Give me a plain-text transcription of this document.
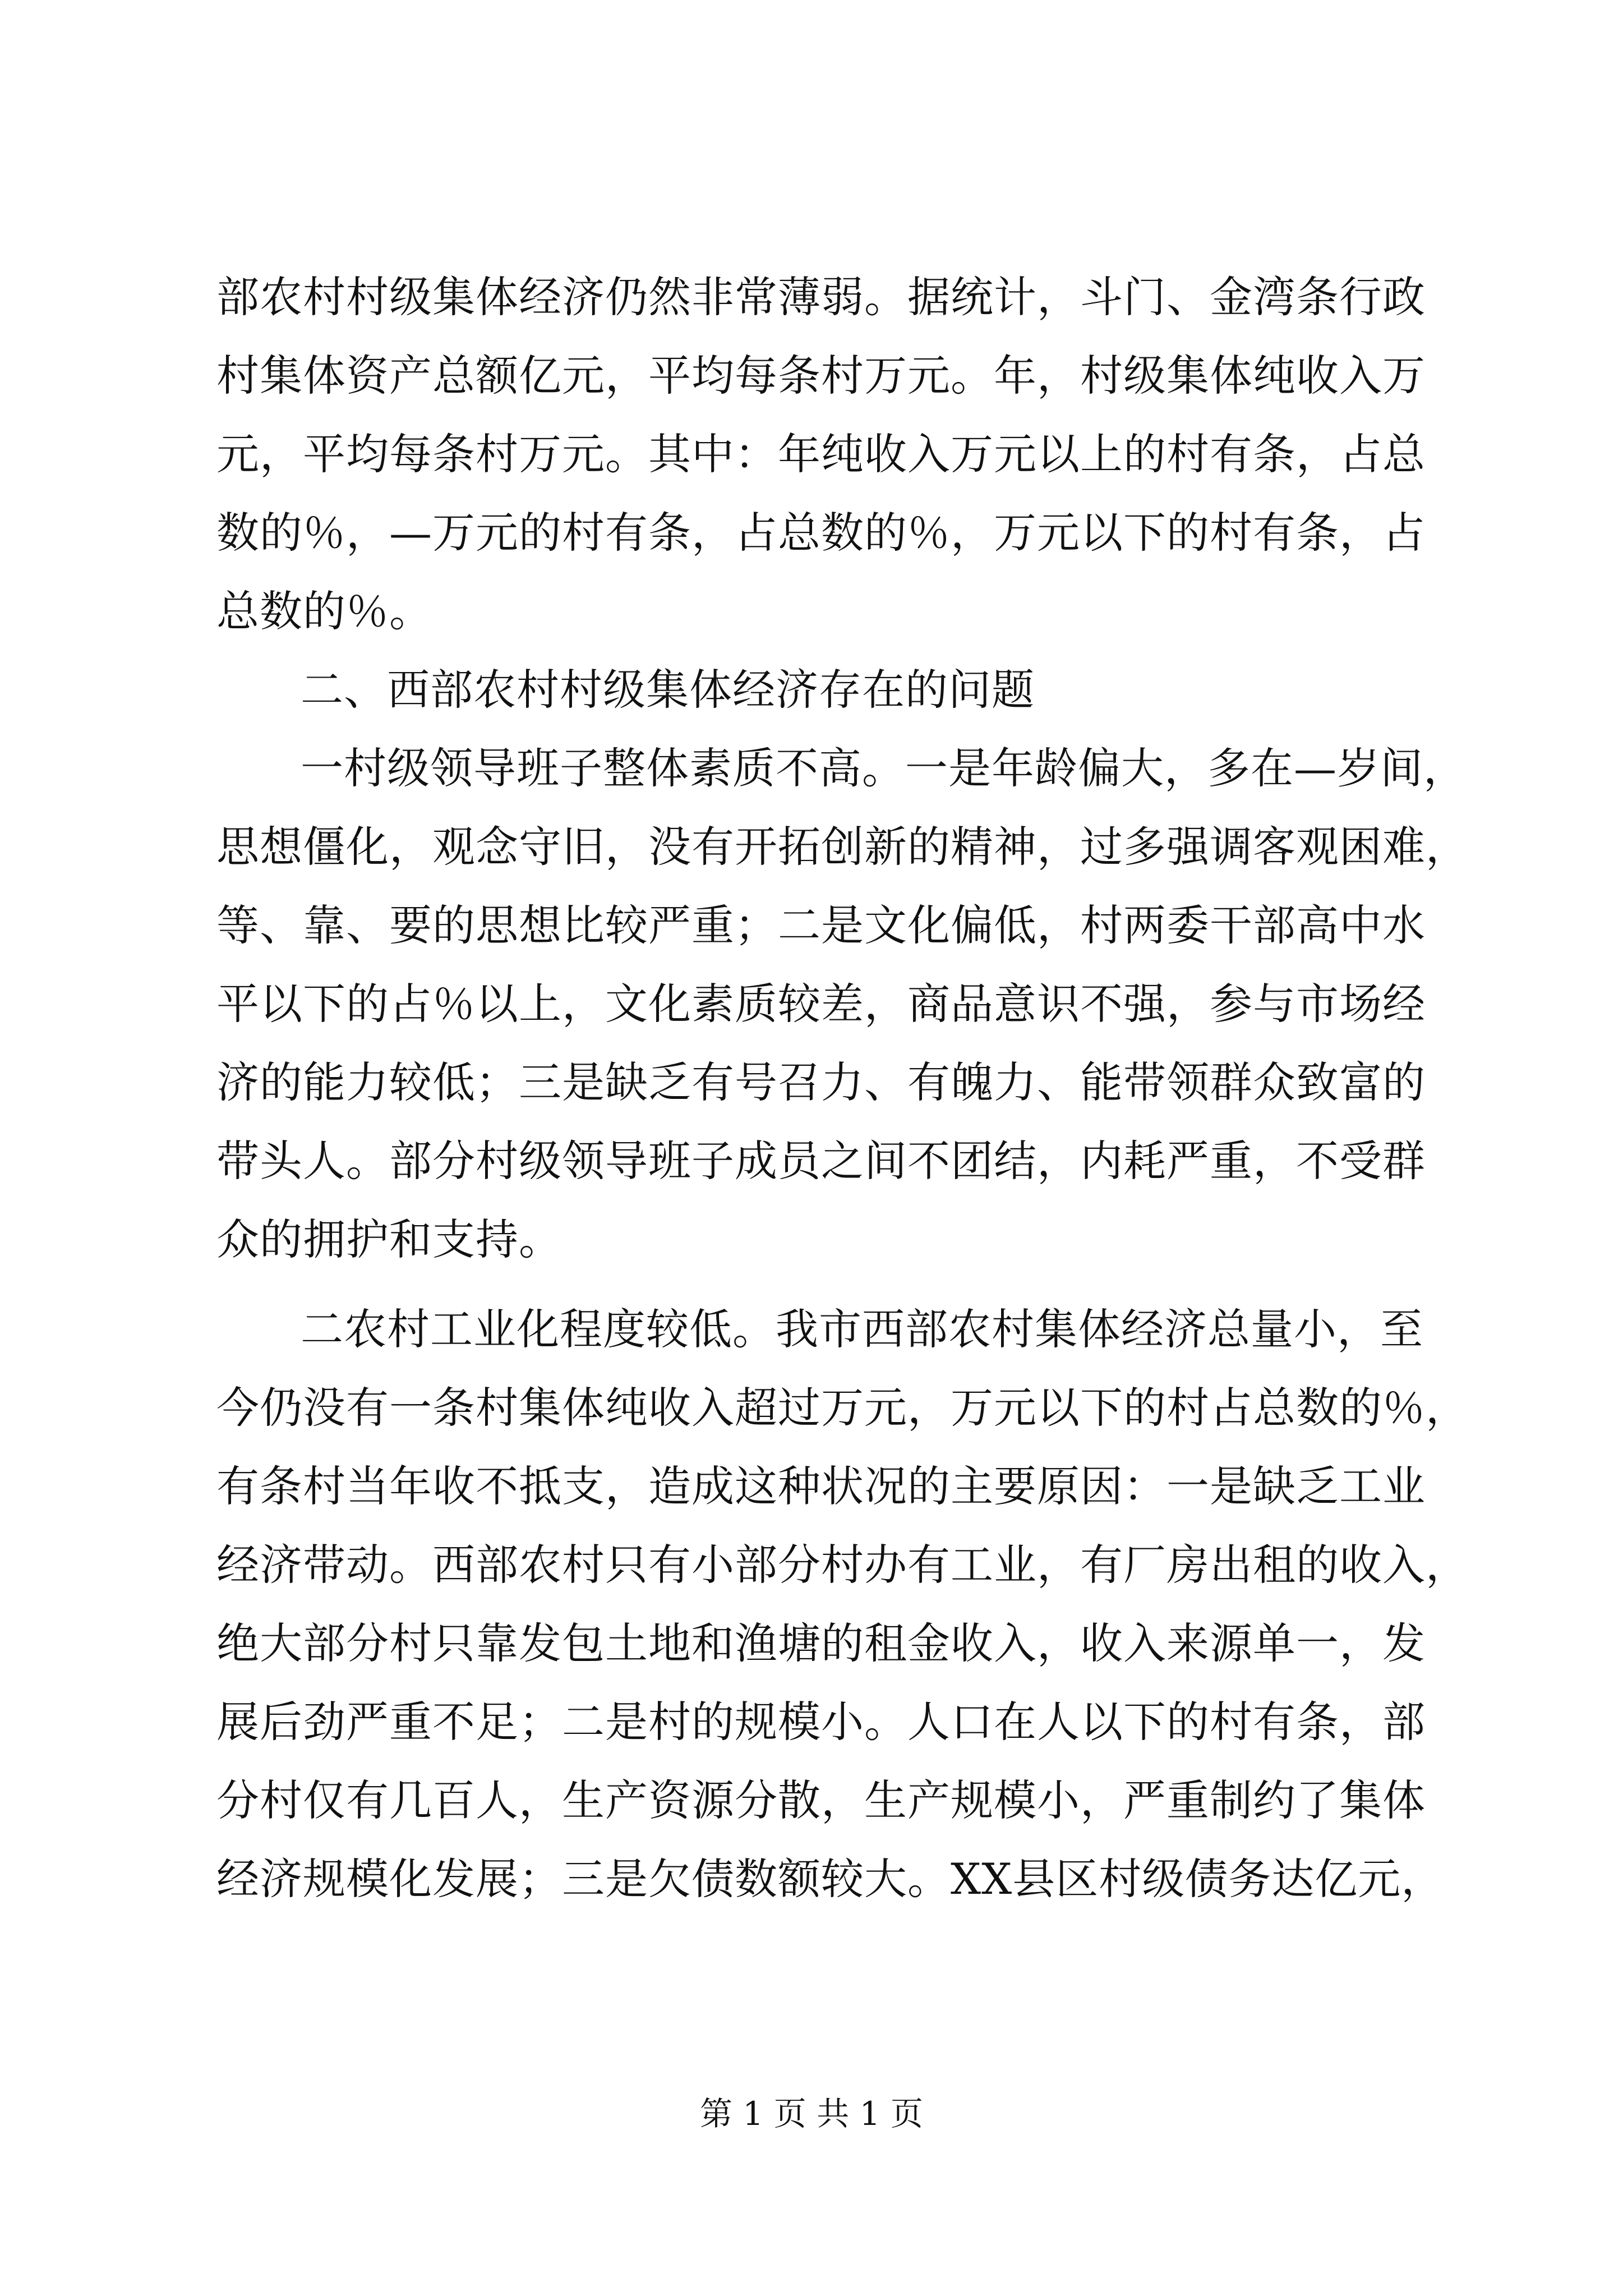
部农村村级集体经济仍然非常薄弱。据统计，斗门、金湾条行政
村集体资产总额亿元，平均每条村万元。年，村级集体纯收入万
元，平均每条村万元。其中：年纯收入万元以上的村有条，占总
数的％，—万元的村有条，占总数的％，万元以下的村有条，占
总数的％。
二、西部农村村级集体经济存在的问题
一村级领导班子整体素质不高。一是年龄偏大，多在—岁间，
思想僵化，观念守旧，没有开拓创新的精神，过多强调客观困难，
等、靠、要的思想比较严重；二是文化偏低，村两委干部高中水
平以下的占％以上，文化素质较差，商品意识不强，参与市场经
济的能力较低；三是缺乏有号召力、有魄力、能带领群众致富的
带头人。部分村级领导班子成员之间不团结，内耗严重，不受群
众的拥护和支持。
二农村工业化程度较低。我市西部农村集体经济总量小，至
今仍没有一条村集体纯收入超过万元，万元以下的村占总数的％，
有条村当年收不抵支，造成这种状况的主要原因：一是缺乏工业
经济带动。西部农村只有小部分村办有工业，有厂房出租的收入，
绝大部分村只靠发包土地和渔塘的租金收入，收入来源单一，发
展后劲严重不足；二是村的规模小。人口在人以下的村有条，部
分村仅有几百人，生产资源分散，生产规模小，严重制约了集体
经济规模化发展；三是欠债数额较大。XX县区村级债务达亿元，
第 1 页 共 1 页
